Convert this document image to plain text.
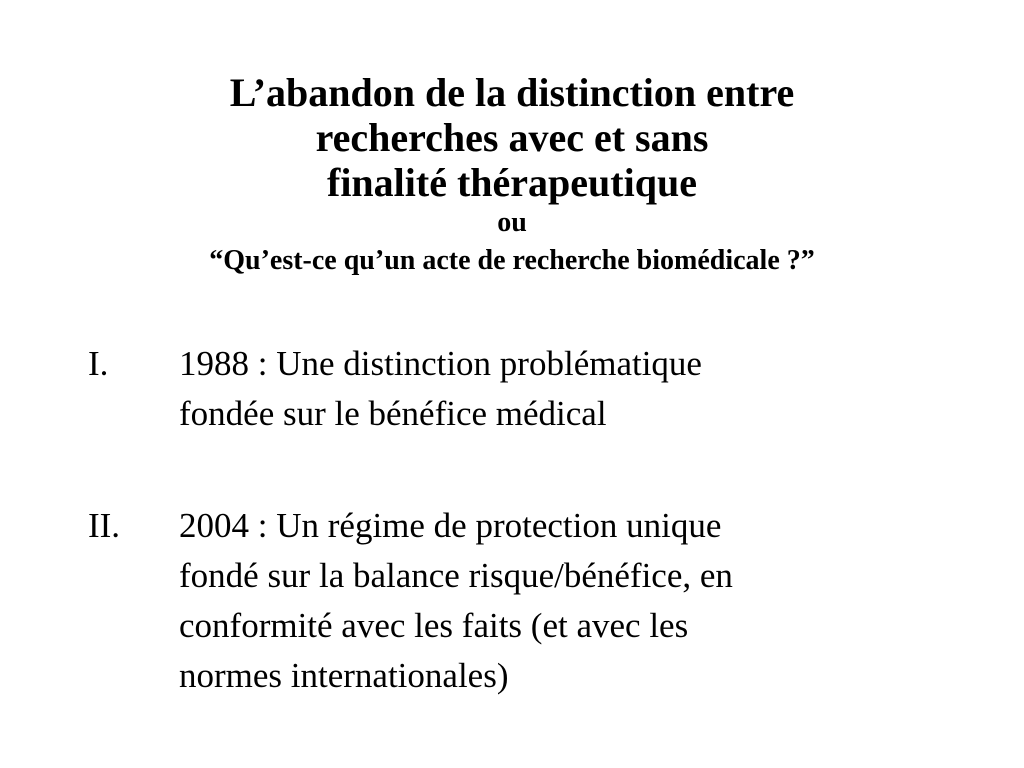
L’abandon de la distinction entre
recherches avec et sans
finalité thérapeutique
ou
“Qu’est-ce qu’un acte de recherche biomédicale ?”
I. 1988 : Une distinction problématique
fondée sur le bénéfice médical
II. 2004 : Un régime de protection unique
fondé sur la balance risque/bénéfice, en
conformité avec les faits (et avec les
normes internationales)
